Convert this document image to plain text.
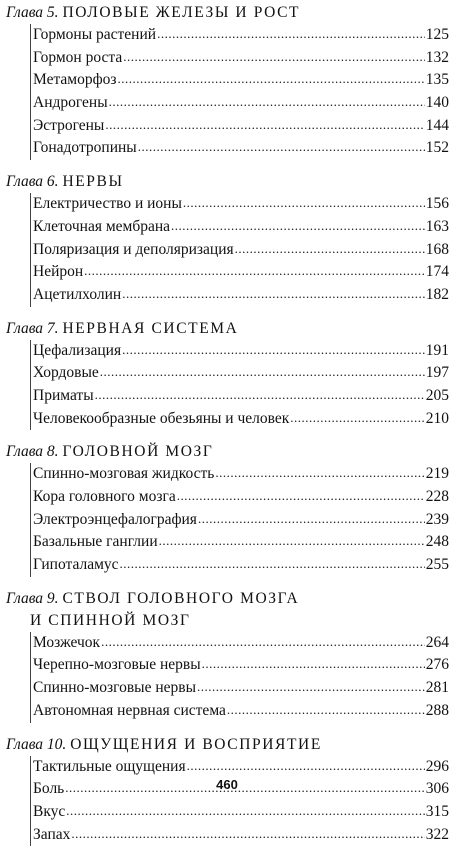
Глава 5. ПОЛОВЫЕ ЖЕЛЕЗЫ И РОСТ
Гормоны растений .....	125
Гормон роста .....	132
Метаморфоз .....	135
Андрогены .....	140
Эстрогены .....	144
Гонадотропины .....	152
Глава 6. НЕРВЫ
Електричество и ионы .....	156
Клеточная мембрана .....	163
Поляризация и деполяризация .....	168
Нейрон .....	174
Ацетилхолин .....	182
Глава 7. НЕРВНАЯ СИСТЕМА
Цефализация .....	191
Хордовые .....	197
Приматы .....	205
Человекообразные обезьяны и человек .....	210
Глава 8. ГОЛОВНОЙ МОЗГ
Спинно-мозговая жидкость .....	219
Кора головного мозга .....	228
Электроэнцефалография .....	239
Базальные ганглии .....	248
Гипоталамус .....	255
Глава 9. СТВОЛ ГОЛОВНОГО МОЗГА
И СПИННОЙ МОЗГ
Мозжечок .....	264
Черепно-мозговые нервы .....	276
Спинно-мозговые нервы .....	281
Автономная нервная система .....	288
Глава 10. ОЩУЩЕНИЯ И ВОСПРИЯТИЕ
Тактильные ощущения .....	296
Боль .....	306
Вкус .....	315
Запах .....	322
460
